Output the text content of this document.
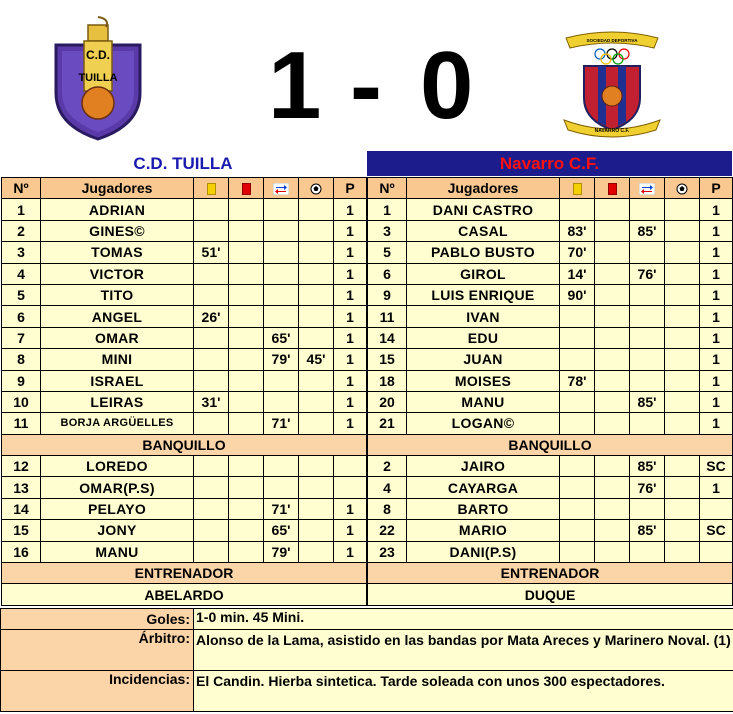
C.D.
TUILLA 1 - 0	SOCIEDAD DEPORTIVA
NAVARRO C.F.
C.D. TUILLA	Navarro C.F.
Nº	Jugadores					P
1	ADRIAN					1
2	GINES©					1
3	TOMAS	51'				1
4	VICTOR					1
5	TITO					1
6	ANGEL	26'				1
7	OMAR			65'		1
8	MINI			79'	45'	1
9	ISRAEL					1
10	LEIRAS	31'				1
11	BORJA ARGÜELLES			71'		1
BANQUILLO						
12	LOREDO					
13	OMAR(P.S)					
14	PELAYO			71'		1
15	JONY			65'		1
16	MANU			79'		1
ENTRENADOR						
ABELARDO						
Nº	Jugadores					P
1	DANI CASTRO					1
3	CASAL	83'		85'		1
5	PABLO BUSTO	70'				1
6	GIROL	14'		76'		1
9	LUIS ENRIQUE	90'				1
11	IVAN					1
14	EDU					1
15	JUAN					1
18	MOISES	78'				1
20	MANU			85'		1
21	LOGAN©					1
BANQUILLO						
2	JAIRO			85'		SC
4	CAYARGA			76'		1
8	BARTO					
22	MARIO			85'		SC
23	DANI(P.S)					
ENTRENADOR						
DUQUE						
Goles:	1-0 min. 45 Mini.
Árbitro:	Alonso de la Lama, asistido en las bandas por Mata Areces y Marinero Noval. (1)
Incidencias:	El Candin. Hierba sintetica. Tarde soleada con unos 300 espectadores.
